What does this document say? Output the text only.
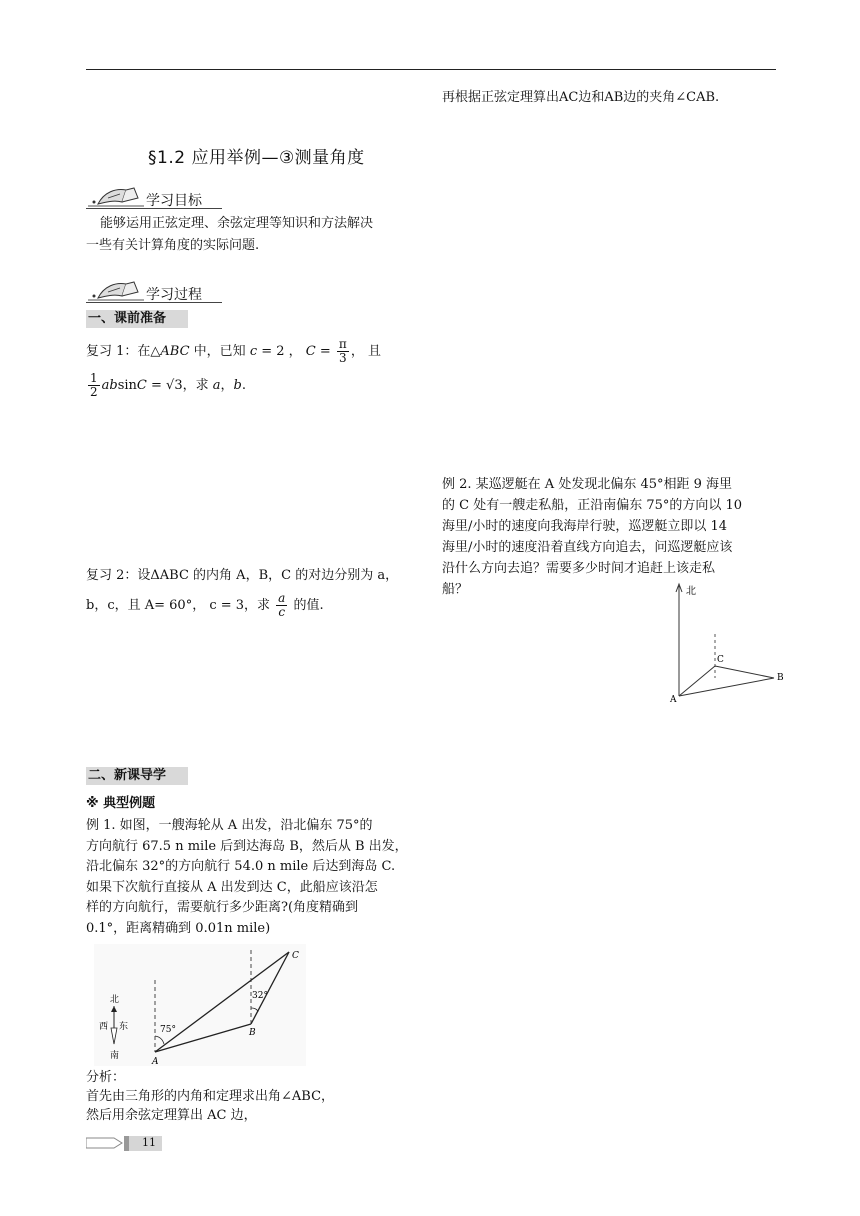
再根据正弦定理算出AC边和AB边的夹角∠CAB.
§1.2 应用举例—③测量角度
学习目标
能够运用正弦定理、余弦定理等知识和方法解决
一些有关计算角度的实际问题.
学习过程
一、课前准备
复习 1：在△ABC 中，已知 c = 2 ， $C = \frac{\pi}{3}$ ， 且
$\frac{1}{2}$ absinC = √3，求 a，b.
复习 2：设ΔABC 的内角 A，B，C 的对边分别为 a，
b，c，且 A= 60°， c = 3，求 $\frac{a}{c}$ 的值.
二、新课导学
※ 典型例题
例 1. 如图，一艘海轮从 A 出发，沿北偏东 75°的
方向航行 67.5 n mile 后到达海岛 B，然后从 B 出发，
沿北偏东 32°的方向航行 54.0 n mile 后达到海岛 C.
如果下次航行直接从 A 出发到达 C，此船应该沿怎
样的方向航行，需要航行多少距离?(角度精确到
0.1°，距离精确到 0.01n mile)
北
西 东
南
75°
32°
A
B
C
分析：
首先由三角形的内角和定理求出角∠ABC，
然后用余弦定理算出 AC 边，
例 2. 某巡逻艇在 A 处发现北偏东 45°相距 9 海里
的 C 处有一艘走私船，正沿南偏东 75°的方向以 10
海里/小时的速度向我海岸行驶，巡逻艇立即以 14
海里/小时的速度沿着直线方向追去，问巡逻艇应该
沿什么方向去追？需要多少时间才追赶上该走私
船？	北
A
B
C
11
